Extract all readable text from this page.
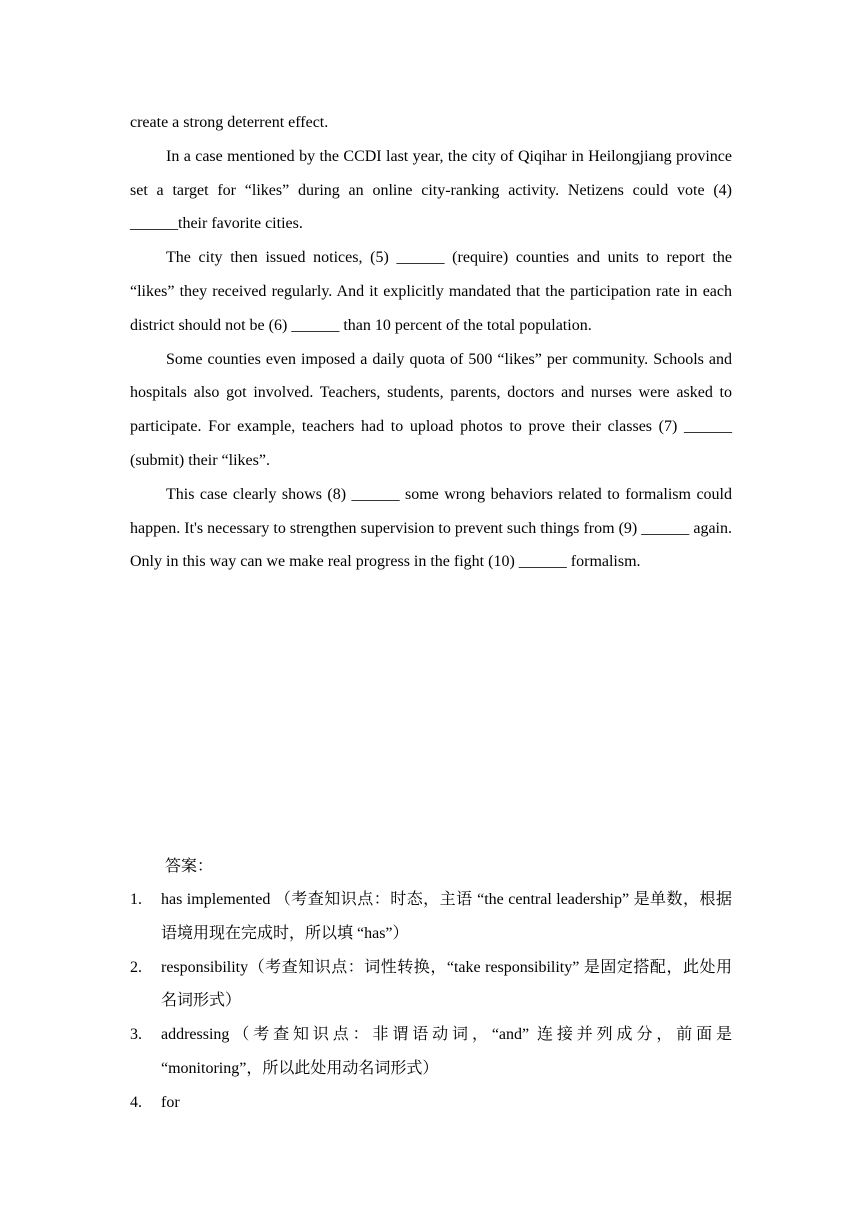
create a strong deterrent effect.

In a case mentioned by the CCDI last year, the city of Qiqihar in Heilongjiang province set a target for “likes” during an online city-ranking activity. Netizens could vote (4) ______their favorite cities.

The city then issued notices, (5) ______ (require) counties and units to report the “likes” they received regularly. And it explicitly mandated that the participation rate in each district should not be (6) ______ than 10 percent of the total population.

Some counties even imposed a daily quota of 500 “likes” per community. Schools and hospitals also got involved. Teachers, students, parents, doctors and nurses were asked to participate. For example, teachers had to upload photos to prove their classes (7) ______ (submit) their “likes”.

This case clearly shows (8) ______ some wrong behaviors related to formalism could happen. It's necessary to strengthen supervision to prevent such things from (9) ______ again. Only in this way can we make real progress in the fight (10) ______ formalism.

答案：

1. has implemented （考查知识点：时态，主语 “the central leadership” 是单数，根据语境用现在完成时，所以填 “has”）
2. responsibility（考查知识点：词性转换，“take responsibility” 是固定搭配，此处用名词形式）
3. addressing（考查知识点：非谓语动词，“and” 连接并列成分，前面是 “monitoring”，所以此处用动名词形式）
4. for
